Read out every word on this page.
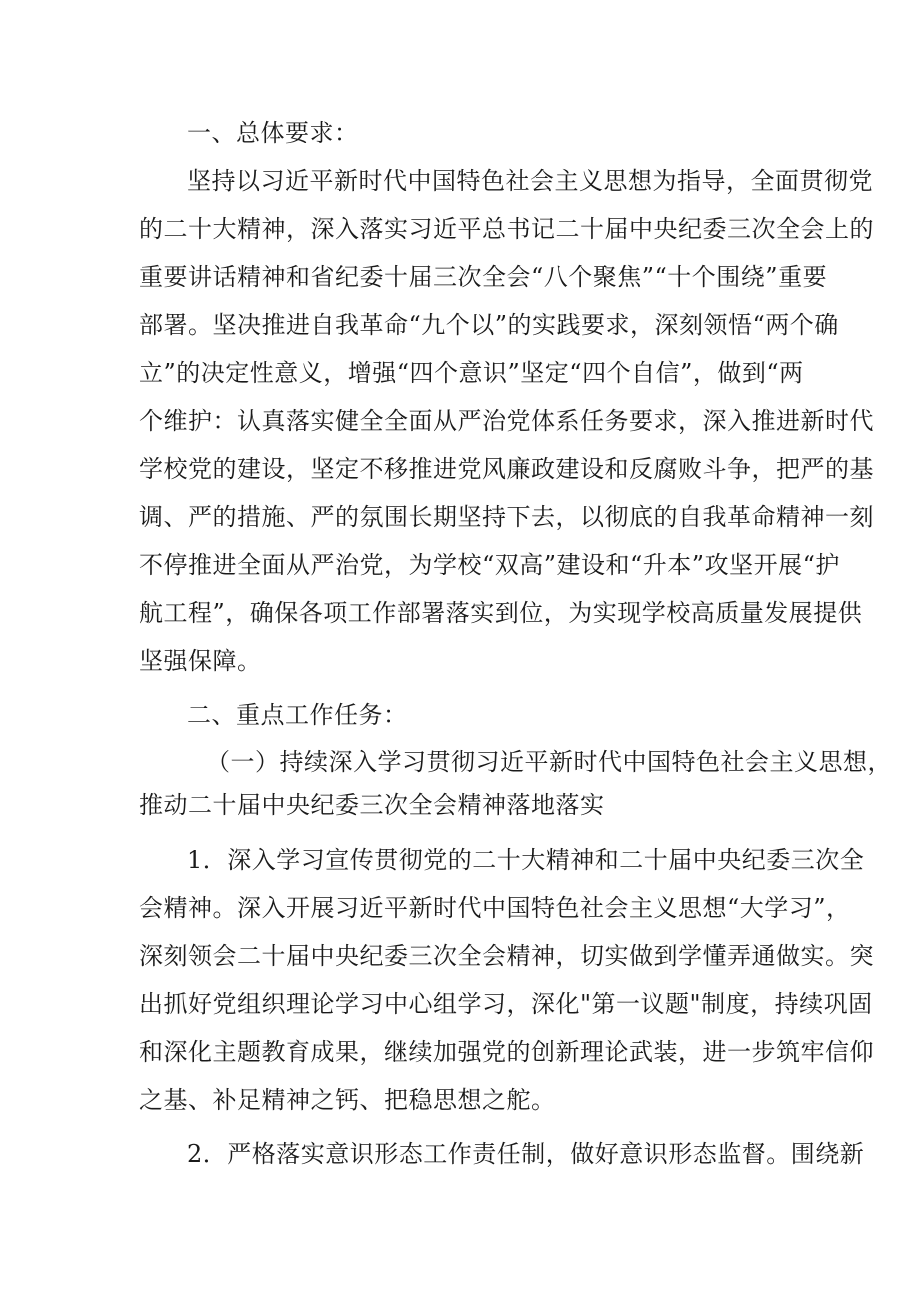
一、总体要求：
坚持以习近平新时代中国特色社会主义思想为指导，全面贯彻党
的二十大精神，深入落实习近平总书记二十届中央纪委三次全会上的
重要讲话精神和省纪委十届三次全会“八个聚焦”“十个围绕”重要
部署。坚决推进自我革命“九个以”的实践要求，深刻领悟“两个确
立”的决定性意义，增强“四个意识”坚定“四个自信”，做到“两
个维护：认真落实健全全面从严治党体系任务要求，深入推进新时代
学校党的建设，坚定不移推进党风廉政建设和反腐败斗争，把严的基
调、严的措施、严的氛围长期坚持下去，以彻底的自我革命精神一刻
不停推进全面从严治党，为学校“双高”建设和“升本”攻坚开展“护
航工程”，确保各项工作部署落实到位，为实现学校高质量发展提供
坚强保障。
二、重点工作任务：
（一）持续深入学习贯彻习近平新时代中国特色社会主义思想，
推动二十届中央纪委三次全会精神落地落实
1．深入学习宣传贯彻党的二十大精神和二十届中央纪委三次全
会精神。深入开展习近平新时代中国特色社会主义思想“大学习”，
深刻领会二十届中央纪委三次全会精神，切实做到学懂弄通做实。突
出抓好党组织理论学习中心组学习，深化"第一议题"制度，持续巩固
和深化主题教育成果，继续加强党的创新理论武装，进一步筑牢信仰
之基、补足精神之钙、把稳思想之舵。
2．严格落实意识形态工作责任制，做好意识形态监督。围绕新
